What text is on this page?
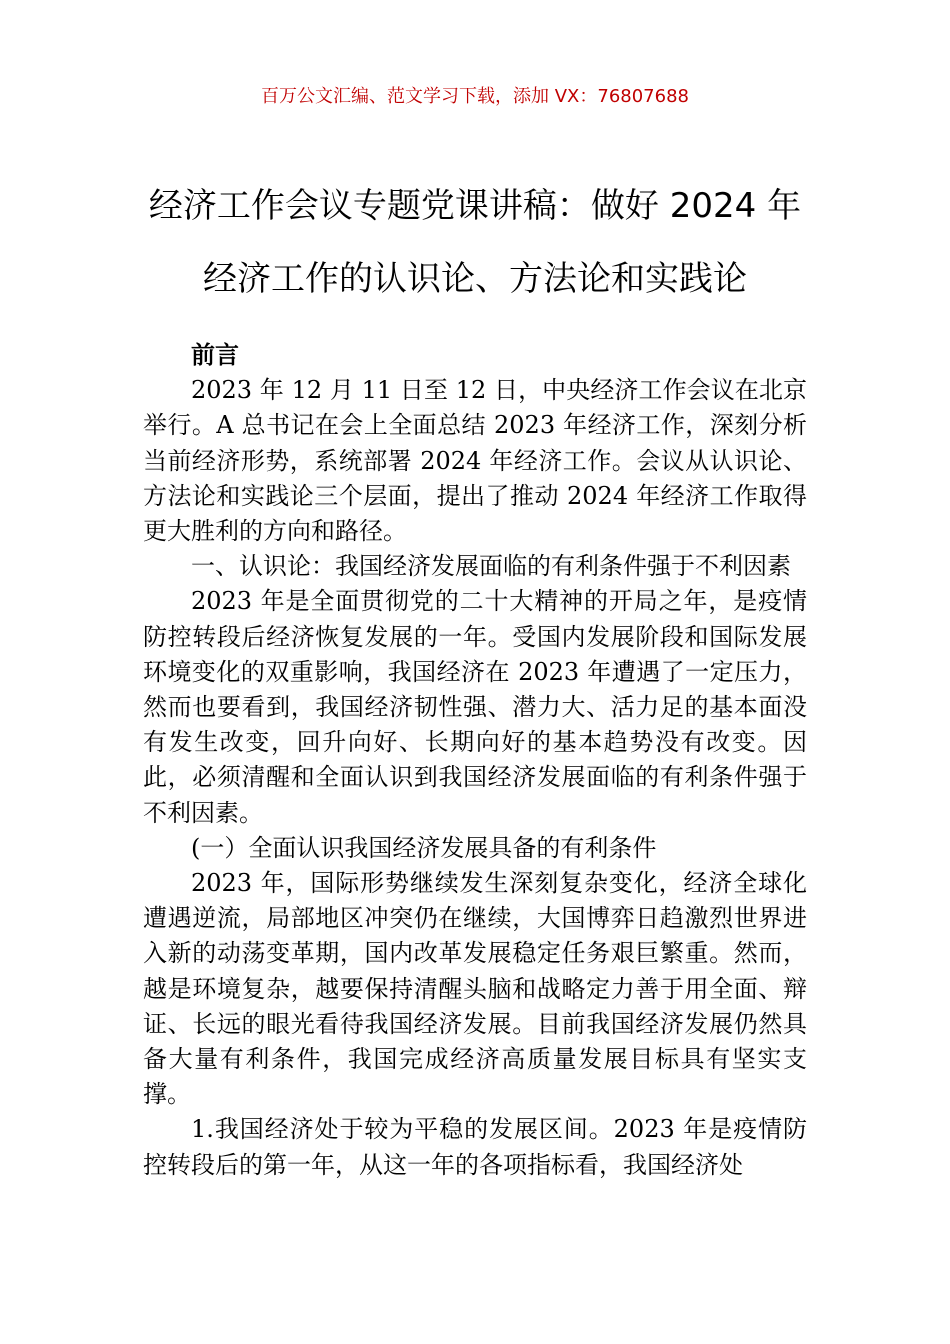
百万公文汇编、范文学习下载，添加 VX：76807688
经济工作会议专题党课讲稿：做好 2024 年
经济工作的认识论、方法论和实践论

前言

2023 年 12 月 11 日至 12 日，中央经济工作会议在北京举行。A 总书记在会上全面总结 2023 年经济工作，深刻分析当前经济形势，系统部署 2024 年经济工作。会议从认识论、方法论和实践论三个层面，提出了推动 2024 年经济工作取得更大胜利的方向和路径。

一、认识论：我国经济发展面临的有利条件强于不利因素

2023 年是全面贯彻党的二十大精神的开局之年，是疫情防控转段后经济恢复发展的一年。受国内发展阶段和国际发展环境变化的双重影响，我国经济在 2023 年遭遇了一定压力，然而也要看到，我国经济韧性强、潜力大、活力足的基本面没有发生改变，回升向好、长期向好的基本趋势没有改变。因此，必须清醒和全面认识到我国经济发展面临的有利条件强于不利因素。

(一）全面认识我国经济发展具备的有利条件

2023 年，国际形势继续发生深刻复杂变化，经济全球化遭遇逆流，局部地区冲突仍在继续，大国博弈日趋激烈世界进入新的动荡变革期，国内改革发展稳定任务艰巨繁重。然而，越是环境复杂，越要保持清醒头脑和战略定力善于用全面、辩证、长远的眼光看待我国经济发展。目前我国经济发展仍然具备大量有利条件，我国完成经济高质量发展目标具有坚实支撑。

1.我国经济处于较为平稳的发展区间。2023 年是疫情防控转段后的第一年，从这一年的各项指标看，我国经济处
